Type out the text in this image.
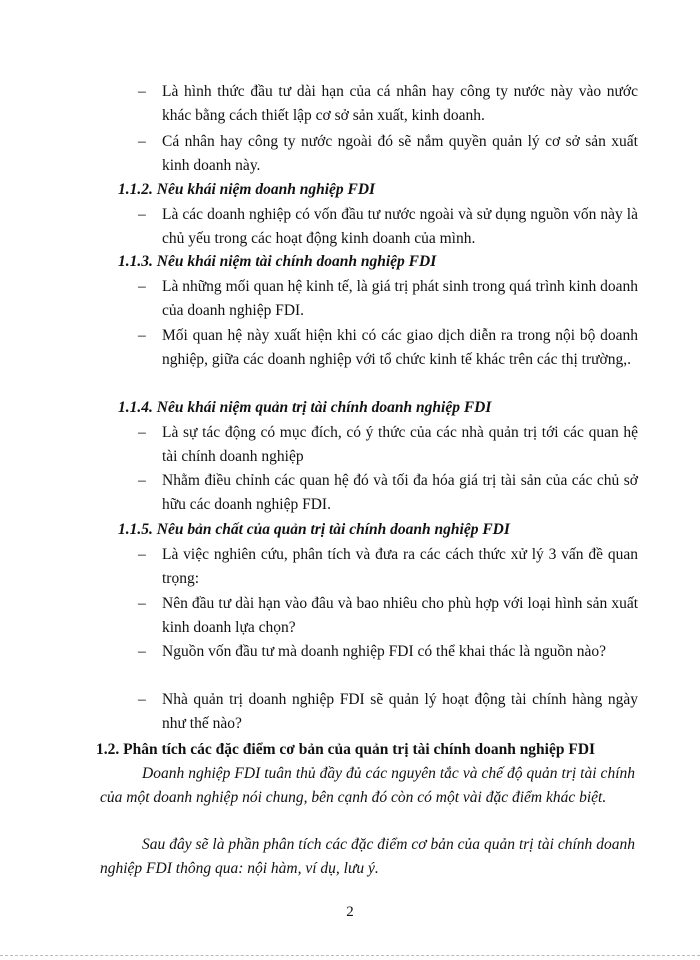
– Là hình thức đầu tư dài hạn của cá nhân hay công ty nước này vào nước khác bằng cách thiết lập cơ sở sản xuất, kinh doanh.
– Cá nhân hay công ty nước ngoài đó sẽ nắm quyền quản lý cơ sở sản xuất kinh doanh này.
1.1.2. Nêu khái niệm doanh nghiệp FDI
– Là các doanh nghiệp có vốn đầu tư nước ngoài và sử dụng nguồn vốn này là chủ yếu trong các hoạt động kinh doanh của mình.
1.1.3. Nêu khái niệm tài chính doanh nghiệp FDI
– Là những mối quan hệ kinh tế, là giá trị phát sinh trong quá trình kinh doanh của doanh nghiệp FDI.
– Mối quan hệ này xuất hiện khi có các giao dịch diễn ra trong nội bộ doanh nghiệp, giữa các doanh nghiệp với tổ chức kinh tế khác trên các thị trường,.
1.1.4. Nêu khái niệm quản trị tài chính doanh nghiệp FDI
– Là sự tác động có mục đích, có ý thức của các nhà quản trị tới các quan hệ tài chính doanh nghiệp
– Nhằm điều chỉnh các quan hệ đó và tối đa hóa giá trị tài sản của các chủ sở hữu các doanh nghiệp FDI.
1.1.5. Nêu bản chất của quản trị tài chính doanh nghiệp FDI
– Là việc nghiên cứu, phân tích và đưa ra các cách thức xử lý 3 vấn đề quan trọng:
– Nên đầu tư dài hạn vào đâu và bao nhiêu cho phù hợp với loại hình sản xuất kinh doanh lựa chọn?
– Nguồn vốn đầu tư mà doanh nghiệp FDI có thể khai thác là nguồn nào?
– Nhà quản trị doanh nghiệp FDI sẽ quản lý hoạt động tài chính hàng ngày như thế nào?
1.2. Phân tích các đặc điểm cơ bản của quản trị tài chính doanh nghiệp FDI
Doanh nghiệp FDI tuân thủ đầy đủ các nguyên tắc và chế độ quản trị tài chính của một doanh nghiệp nói chung, bên cạnh đó còn có một vài đặc điểm khác biệt.
Sau đây sẽ là phần phân tích các đặc điểm cơ bản của quản trị tài chính doanh nghiệp FDI thông qua: nội hàm, ví dụ, lưu ý.
2
